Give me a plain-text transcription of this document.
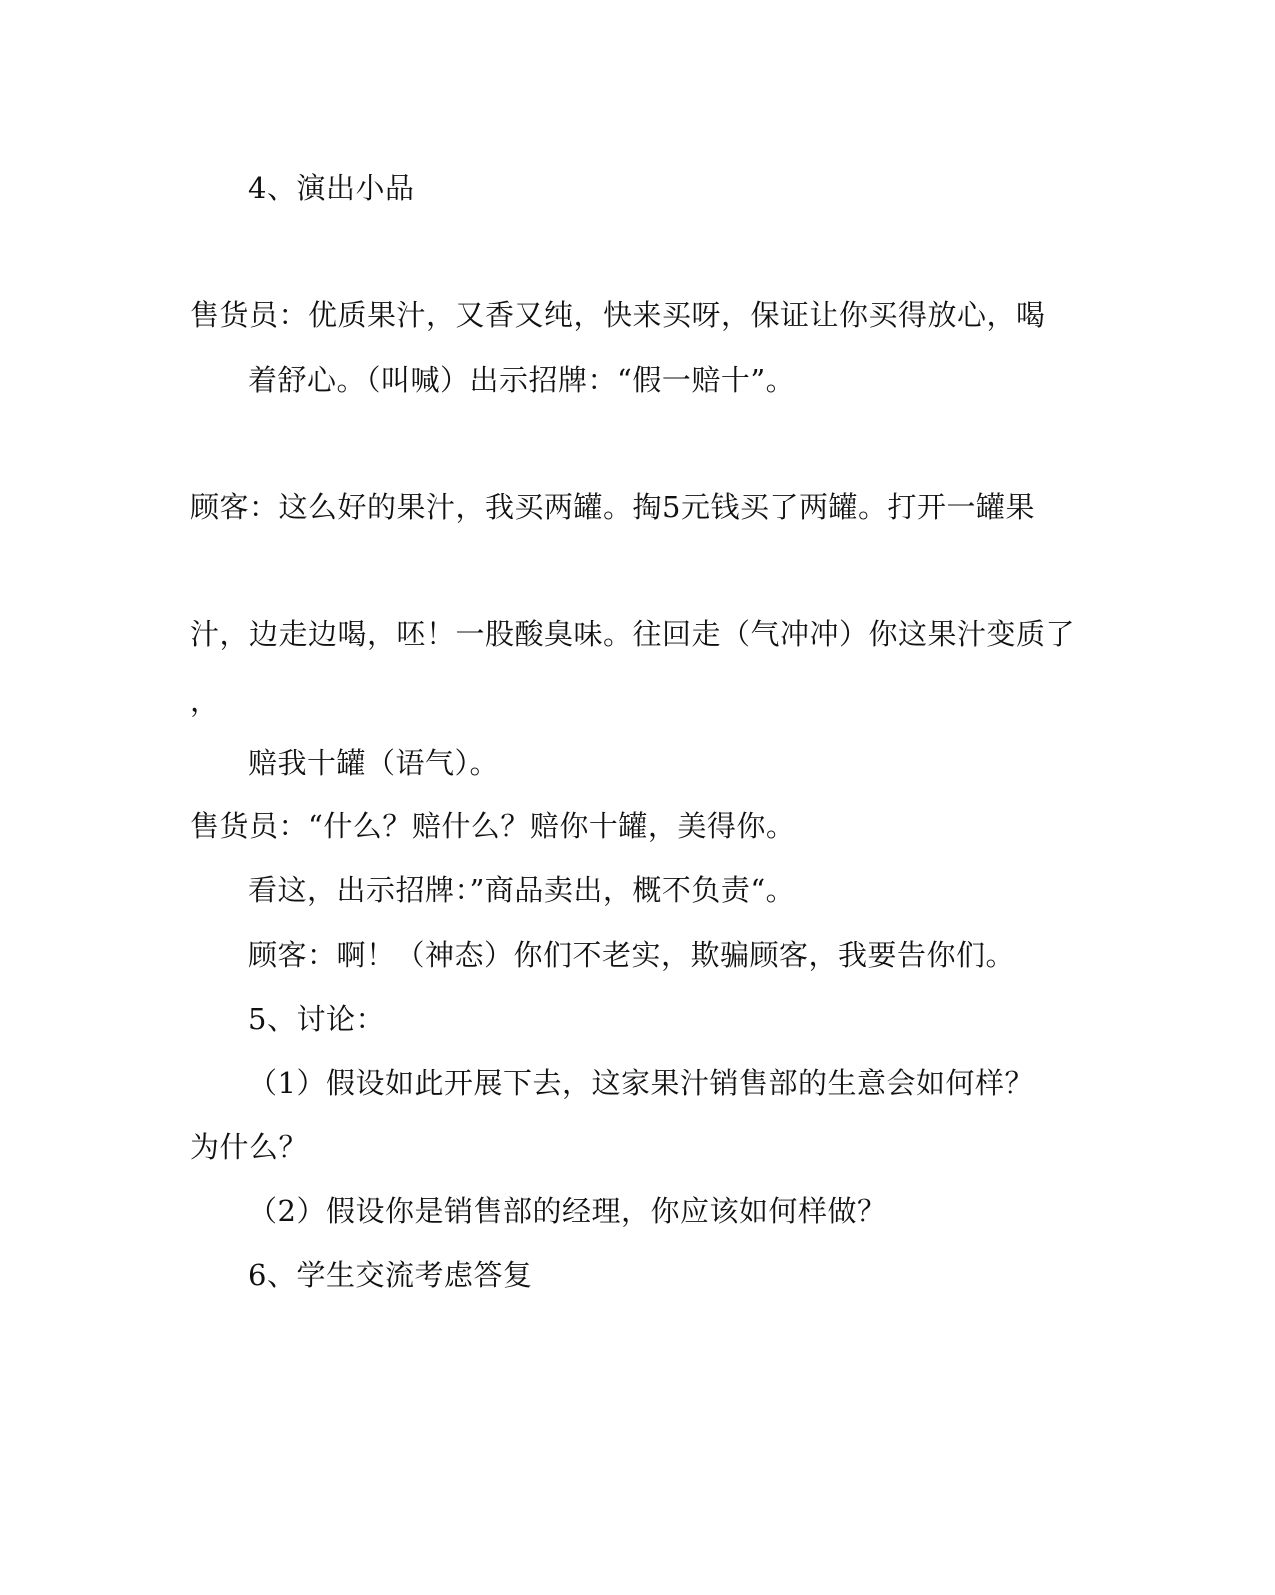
4、演出小品
售货员：优质果汁，又香又纯，快来买呀，保证让你买得放心，喝
着舒心。（叫喊）出示招牌：“假一赔十”。
顾客：这么好的果汁，我买两罐。掏5元钱买了两罐。打开一罐果
汁，边走边喝，呸！一股酸臭味。往回走（气冲冲）你这果汁变质了
，
赔我十罐（语气）。
售货员：“什么？赔什么？赔你十罐，美得你。
看这，出示招牌：”商品卖出，概不负责“。
顾客：啊！（神态）你们不老实，欺骗顾客，我要告你们。
5、讨论：
（1）假设如此开展下去，这家果汁销售部的生意会如何样？
为什么？
（2）假设你是销售部的经理，你应该如何样做？
6、学生交流考虑答复
